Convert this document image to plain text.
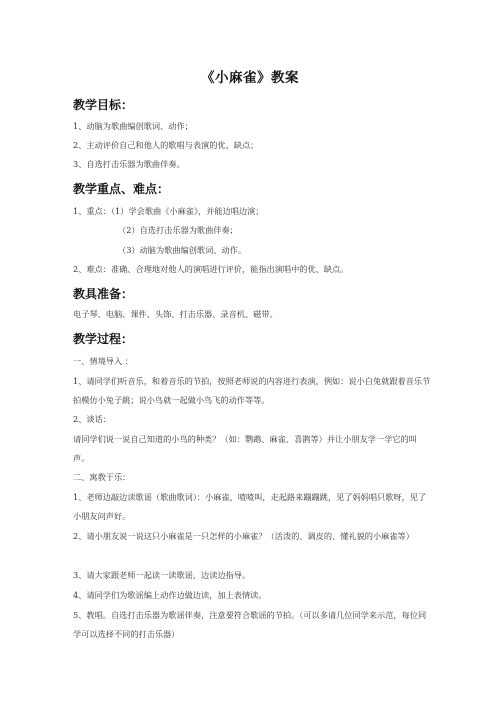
《小麻雀》教案
教学目标：
1、动脑为歌曲编创歌词、动作；
2、主动评价自己和他人的歌唱与表演的优、缺点；
3、自选打击乐器为歌曲伴奏。
教学重点、难点：
1、重点：（1）学会歌曲《小麻雀》，并能边唱边演；
（2）自选打击乐器为歌曲伴奏；
（3）动脑为歌曲编创歌词、动作。
2、难点：准确、合理地对他人的演唱进行评价，能指出演唱中的优、缺点。
教具准备：
电子琴、电脑、课件、头饰、打击乐器、录音机、磁带。
教学过程：
一、情境导入 ：
1、请同学们听音乐，和着音乐的节拍，按照老师说的内容进行表演，例如：说小白兔就跟着音乐节拍模仿小兔子跳；说小鸟就一起做小鸟飞的动作等等。
2、谈话：
请同学们说一说自己知道的小鸟的种类？（如：鹦鹉、麻雀、喜鹊等）并让小朋友学一学它的叫声。
二、寓教于乐：
1、老师边敲边读歌谣（歌曲歌词）：小麻雀，喳喳叫，走起路来蹦蹦跳，见了妈妈唱只歌呀，见了小朋友问声好。
2、请小朋友说一说这只小麻雀是一只怎样的小麻雀？（活泼的、调皮的、懂礼貌的小麻雀等）
3、请大家跟老师一起读一读歌谣，边读边指导。
4、请同学们为歌谣编上动作边做边读，加上表情读。
5、教唱。自选打击乐器为歌谣伴奏，注意要符合歌谣的节拍。（可以多请几位同学来示范，每位同学可以选择不同的打击乐器）
